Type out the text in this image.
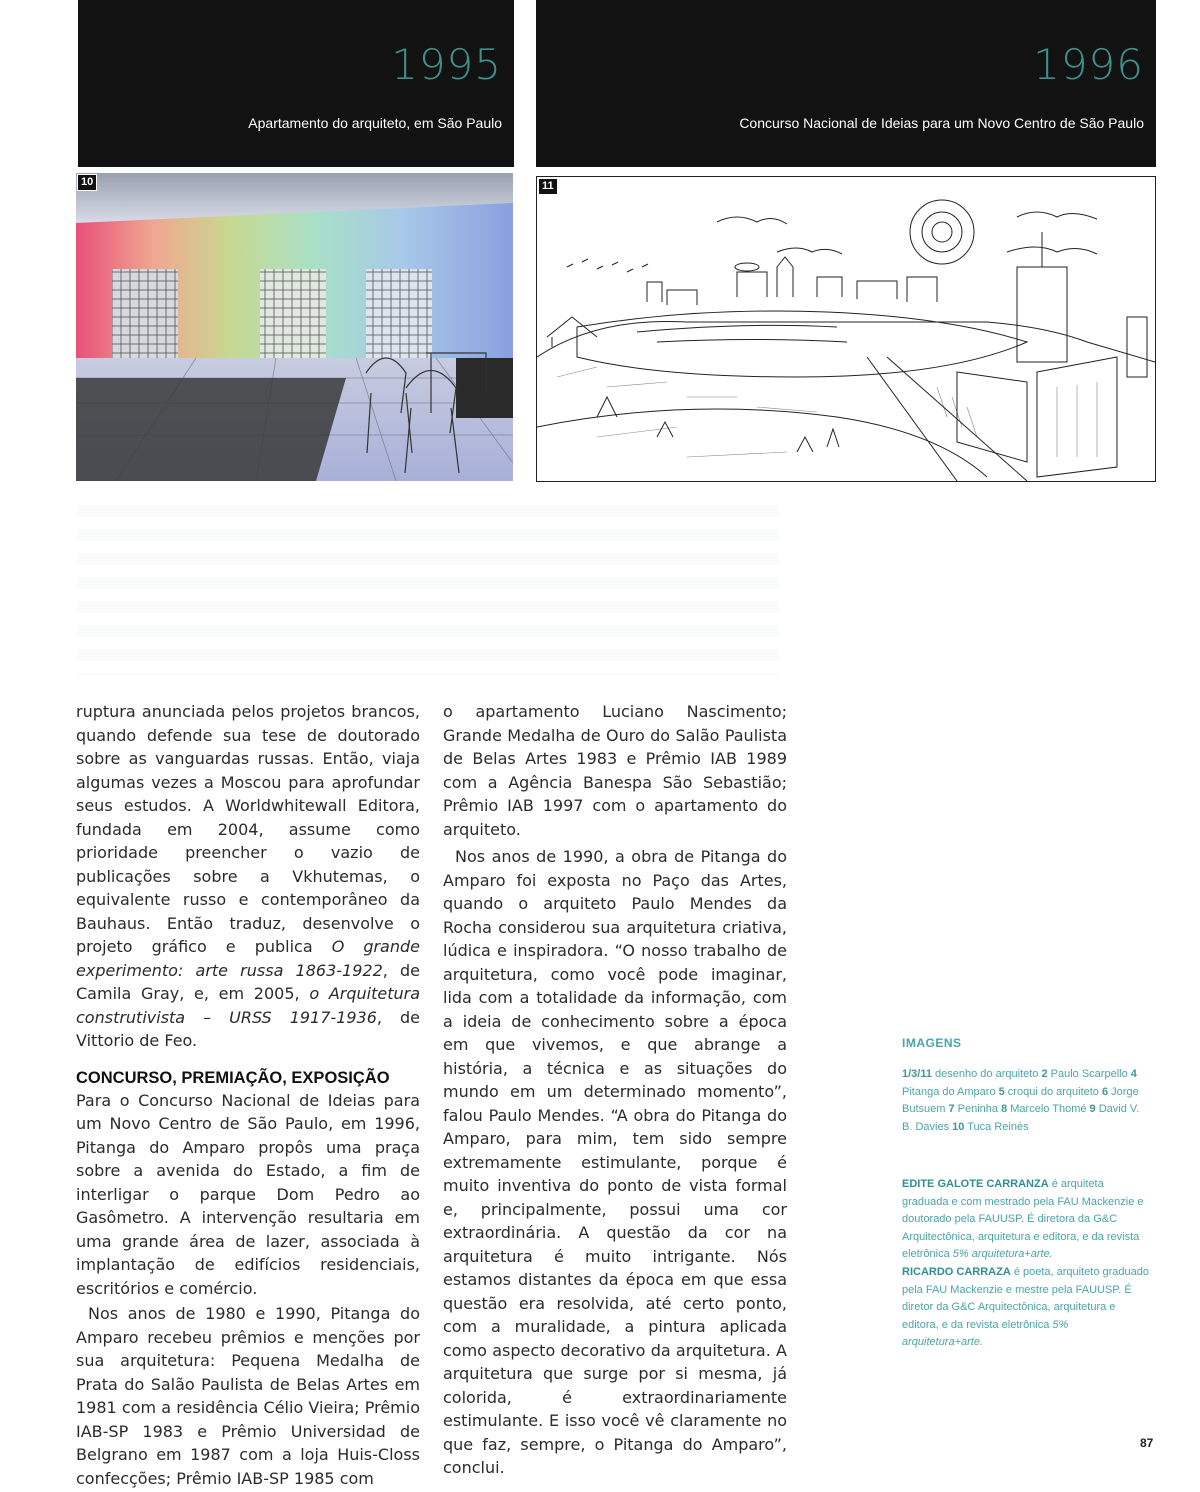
1995
Apartamento do arquiteto, em São Paulo
1996
Concurso Nacional de Ideias para um Novo Centro de São Paulo
10	11

ruptura anunciada pelos projetos brancos, quando defende sua tese de doutorado sobre as vanguardas russas. Então, viaja algumas vezes a Moscou para aprofundar seus estudos. A Worldwhitewall Editora, fundada em 2004, assume como prioridade preencher o vazio de publicações sobre a Vkhutemas, o equivalente russo e contemporâneo da Bauhaus. Então traduz, desenvolve o projeto gráfico e publica O grande experimento: arte russa 1863-1922, de Camila Gray, e, em 2005, o Arquitetura construtivista – URSS 1917-1936, de Vittorio de Feo.

CONCURSO, PREMIAÇÃO, EXPOSIÇÃO

Para o Concurso Nacional de Ideias para um Novo Centro de São Paulo, em 1996, Pitanga do Amparo propôs uma praça sobre a avenida do Estado, a fim de interligar o parque Dom Pedro ao Gasômetro. A intervenção resultaria em uma grande área de lazer, associada à implantação de edifícios residenciais, escritórios e comércio.

Nos anos de 1980 e 1990, Pitanga do Amparo recebeu prêmios e menções por sua arquitetura: Pequena Medalha de Prata do Salão Paulista de Belas Artes em 1981 com a residência Célio Vieira; Prêmio IAB-SP 1983 e Prêmio Universidad de Belgrano em 1987 com a loja Huis-Closs confecções; Prêmio IAB-SP 1985 com

o apartamento Luciano Nascimento; Grande Medalha de Ouro do Salão Paulista de Belas Artes 1983 e Prêmio IAB 1989 com a Agência Banespa São Sebastião; Prêmio IAB 1997 com o apartamento do arquiteto.

Nos anos de 1990, a obra de Pitanga do Amparo foi exposta no Paço das Artes, quando o arquiteto Paulo Mendes da Rocha considerou sua arquitetura criativa, lúdica e inspiradora. “O nosso trabalho de arquitetura, como você pode imaginar, lida com a totalidade da informação, com a ideia de conhecimento sobre a época em que vivemos, e que abrange a história, a técnica e as situações do mundo em um determinado momento”, falou Paulo Mendes. “A obra do Pitanga do Amparo, para mim, tem sido sempre extremamente estimulante, porque é muito inventiva do ponto de vista formal e, principalmente, possui uma cor extraordinária. A questão da cor na arquitetura é muito intrigante. Nós estamos distantes da época em que essa questão era resolvida, até certo ponto, com a muralidade, a pintura aplicada como aspecto decorativo da arquitetura. A arquitetura que surge por si mesma, já colorida, é extraordinariamente estimulante. E isso você vê claramente no que faz, sempre, o Pitanga do Amparo”, conclui.

IMAGENS
1/3/11 desenho do arquiteto 2 Paulo Scarpello 4 Pitanga do Amparo 5 croqui do arquiteto 6 Jorge Butsuem 7 Peninha 8 Marcelo Thomé 9 David V. B. Davies 10 Tuca Reinés
EDITE GALOTE CARRANZA é arquiteta graduada e com mestrado pela FAU Mackenzie e doutorado pela FAUUSP. É diretora da G&C Arquitectônica, arquitetura e editora, e da revista eletrônica 5% arquitetura+arte.
RICARDO CARRAZA é poeta, arquiteto graduado pela FAU Mackenzie e mestre pela FAUUSP. É diretor da G&C Arquitectônica, arquitetura e editora, e da revista eletrônica 5% arquitetura+arte.
87
